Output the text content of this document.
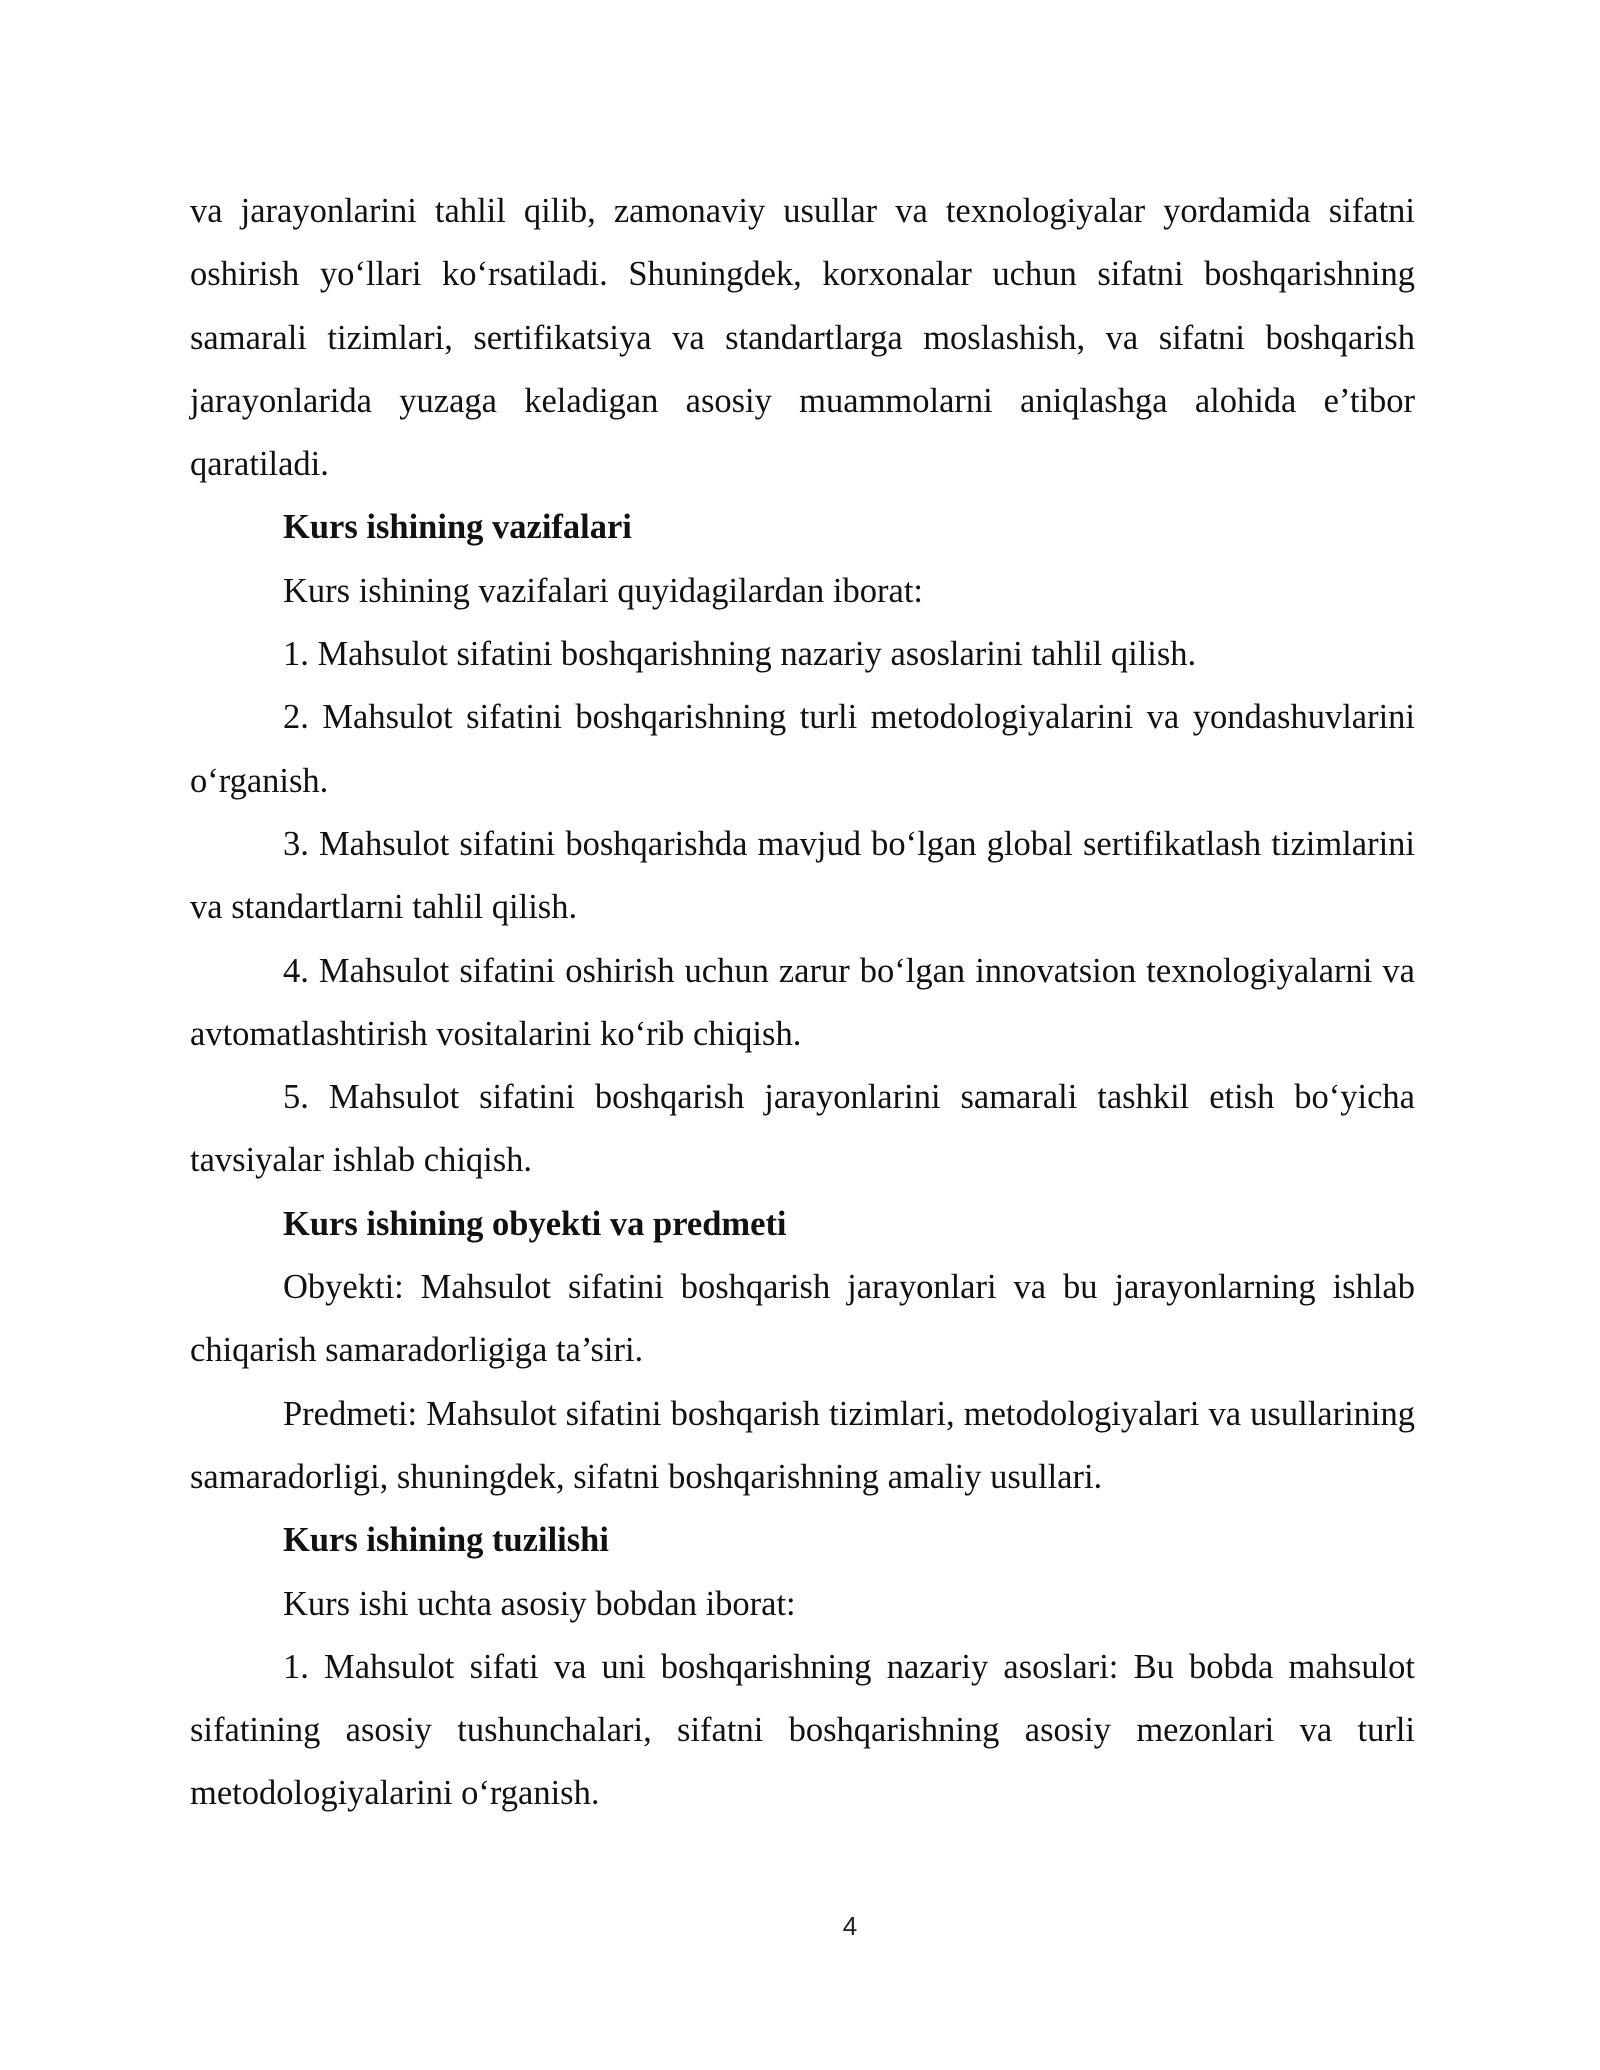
va jarayonlarini tahlil qilib, zamonaviy usullar va texnologiyalar yordamida sifatni oshirish yo‘llari ko‘rsatiladi. Shuningdek, korxonalar uchun sifatni boshqarishning samarali tizimlari, sertifikatsiya va standartlarga moslashish, va sifatni boshqarish jarayonlarida yuzaga keladigan asosiy muammolarni aniqlashga alohida e’tibor qaratiladi.

Kurs ishining vazifalari

Kurs ishining vazifalari quyidagilardan iborat:

1. Mahsulot sifatini boshqarishning nazariy asoslarini tahlil qilish.

2. Mahsulot sifatini boshqarishning turli metodologiyalarini va yondashuvlarini o‘rganish.

3. Mahsulot sifatini boshqarishda mavjud bo‘lgan global sertifikatlash tizimlarini va standartlarni tahlil qilish.

4. Mahsulot sifatini oshirish uchun zarur bo‘lgan innovatsion texnologiyalarni va avtomatlashtirish vositalarini ko‘rib chiqish.

5. Mahsulot sifatini boshqarish jarayonlarini samarali tashkil etish bo‘yicha tavsiyalar ishlab chiqish.

Kurs ishining obyekti va predmeti

Obyekti: Mahsulot sifatini boshqarish jarayonlari va bu jarayonlarning ishlab chiqarish samaradorligiga ta’siri.

Predmeti: Mahsulot sifatini boshqarish tizimlari, metodologiyalari va usullarining samaradorligi, shuningdek, sifatni boshqarishning amaliy usullari.

Kurs ishining tuzilishi

Kurs ishi uchta asosiy bobdan iborat:

1. Mahsulot sifati va uni boshqarishning nazariy asoslari: Bu bobda mahsulot sifatining asosiy tushunchalari, sifatni boshqarishning asosiy mezonlari va turli metodologiyalarini o‘rganish.

4
